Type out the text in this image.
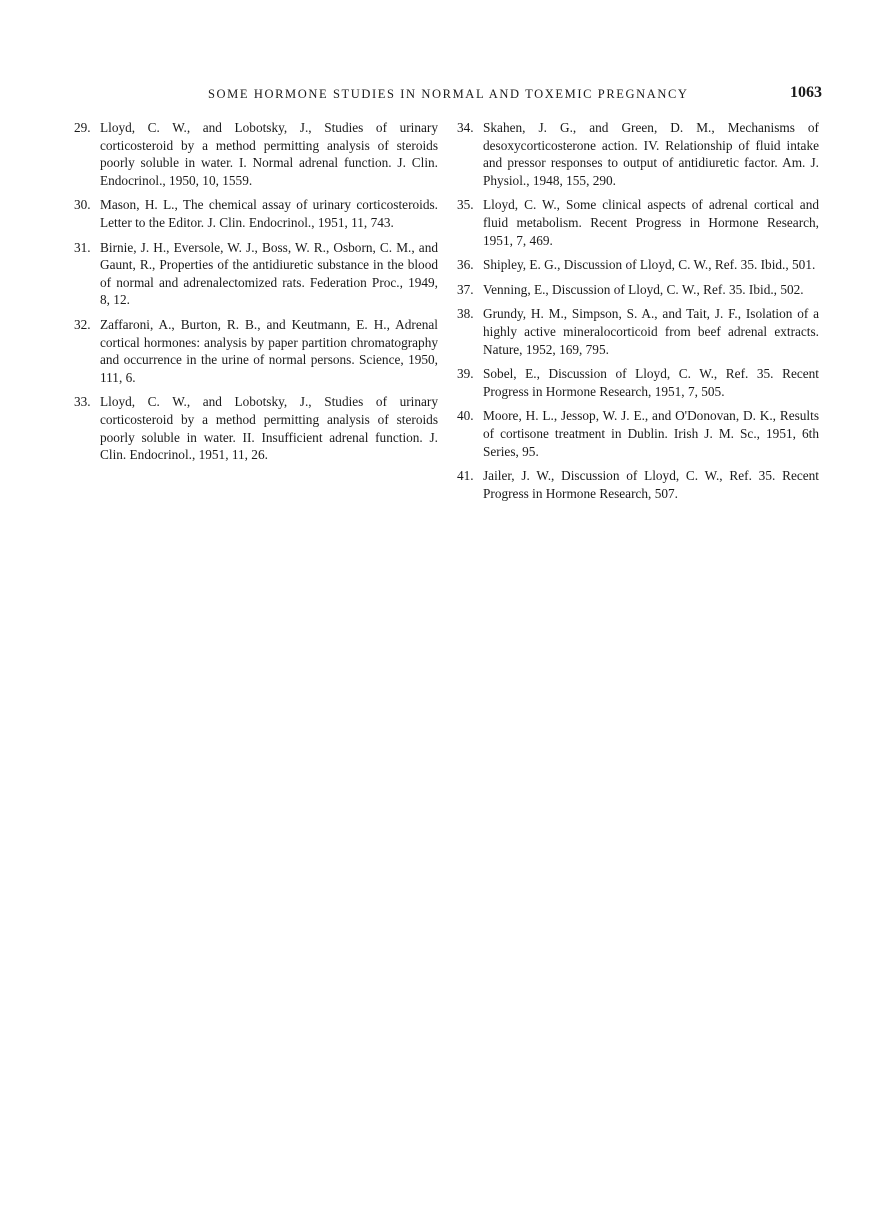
SOME HORMONE STUDIES IN NORMAL AND TOXEMIC PREGNANCY	1063
29. Lloyd, C. W., and Lobotsky, J., Studies of urinary corticosteroid by a method permitting analysis of steroids poorly soluble in water. I. Normal adrenal function. J. Clin. Endocrinol., 1950, 10, 1559.
30. Mason, H. L., The chemical assay of urinary corticosteroids. Letter to the Editor. J. Clin. Endocrinol., 1951, 11, 743.
31. Birnie, J. H., Eversole, W. J., Boss, W. R., Osborn, C. M., and Gaunt, R., Properties of the antidiuretic substance in the blood of normal and adrenalectomized rats. Federation Proc., 1949, 8, 12.
32. Zaffaroni, A., Burton, R. B., and Keutmann, E. H., Adrenal cortical hormones: analysis by paper partition chromatography and occurrence in the urine of normal persons. Science, 1950, 111, 6.
33. Lloyd, C. W., and Lobotsky, J., Studies of urinary corticosteroid by a method permitting analysis of steroids poorly soluble in water. II. Insufficient adrenal function. J. Clin. Endocrinol., 1951, 11, 26.
34. Skahen, J. G., and Green, D. M., Mechanisms of desoxycorticosterone action. IV. Relationship of fluid intake and pressor responses to output of antidiuretic factor. Am. J. Physiol., 1948, 155, 290.
35. Lloyd, C. W., Some clinical aspects of adrenal cortical and fluid metabolism. Recent Progress in Hormone Research, 1951, 7, 469.
36. Shipley, E. G., Discussion of Lloyd, C. W., Ref. 35. Ibid., 501.
37. Venning, E., Discussion of Lloyd, C. W., Ref. 35. Ibid., 502.
38. Grundy, H. M., Simpson, S. A., and Tait, J. F., Isolation of a highly active mineralocorticoid from beef adrenal extracts. Nature, 1952, 169, 795.
39. Sobel, E., Discussion of Lloyd, C. W., Ref. 35. Recent Progress in Hormone Research, 1951, 7, 505.
40. Moore, H. L., Jessop, W. J. E., and O'Donovan, D. K., Results of cortisone treatment in Dublin. Irish J. M. Sc., 1951, 6th Series, 95.
41. Jailer, J. W., Discussion of Lloyd, C. W., Ref. 35. Recent Progress in Hormone Research, 507.
